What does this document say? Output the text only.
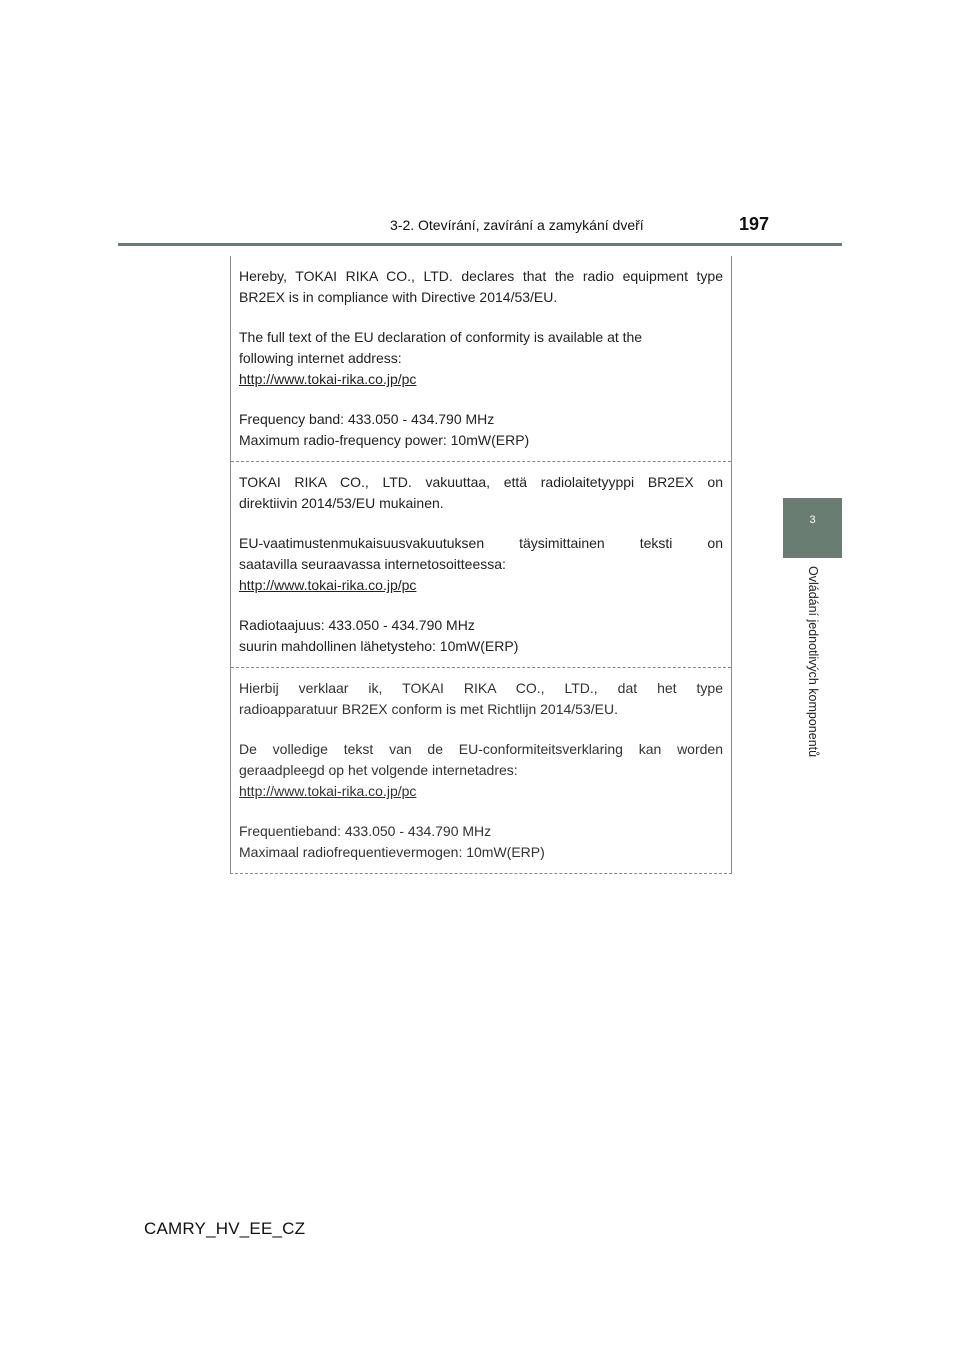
3-2. Otevírání, zavírání a zamykání dveří	197
3
Ovládání jednotlivých komponentů

Hereby, TOKAI RIKA CO., LTD. declares that the radio equipment type
BR2EX is in compliance with Directive 2014/53/EU.

The full text of the EU declaration of conformity is available at the
following internet address:
http://www.tokai-rika.co.jp/pc

Frequency band: 433.050 - 434.790 MHz
Maximum radio-frequency power: 10mW(ERP)

TOKAI RIKA CO., LTD. vakuuttaa, että radiolaitetyyppi BR2EX on
direktiivin 2014/53/EU mukainen.

EU-vaatimustenmukaisuusvakuutuksen täysimittainen teksti on
saatavilla seuraavassa internetosoitteessa:
http://www.tokai-rika.co.jp/pc

Radiotaajuus: 433.050 - 434.790 MHz
suurin mahdollinen lähetysteho: 10mW(ERP)

Hierbij verklaar ik, TOKAI RIKA CO., LTD., dat het type
radioapparatuur BR2EX conform is met Richtlijn 2014/53/EU.

De volledige tekst van de EU-conformiteitsverklaring kan worden
geraadpleegd op het volgende internetadres:
http://www.tokai-rika.co.jp/pc

Frequentieband: 433.050 - 434.790 MHz
Maximaal radiofrequentievermogen: 10mW(ERP)

CAMRY_HV_EE_CZ
